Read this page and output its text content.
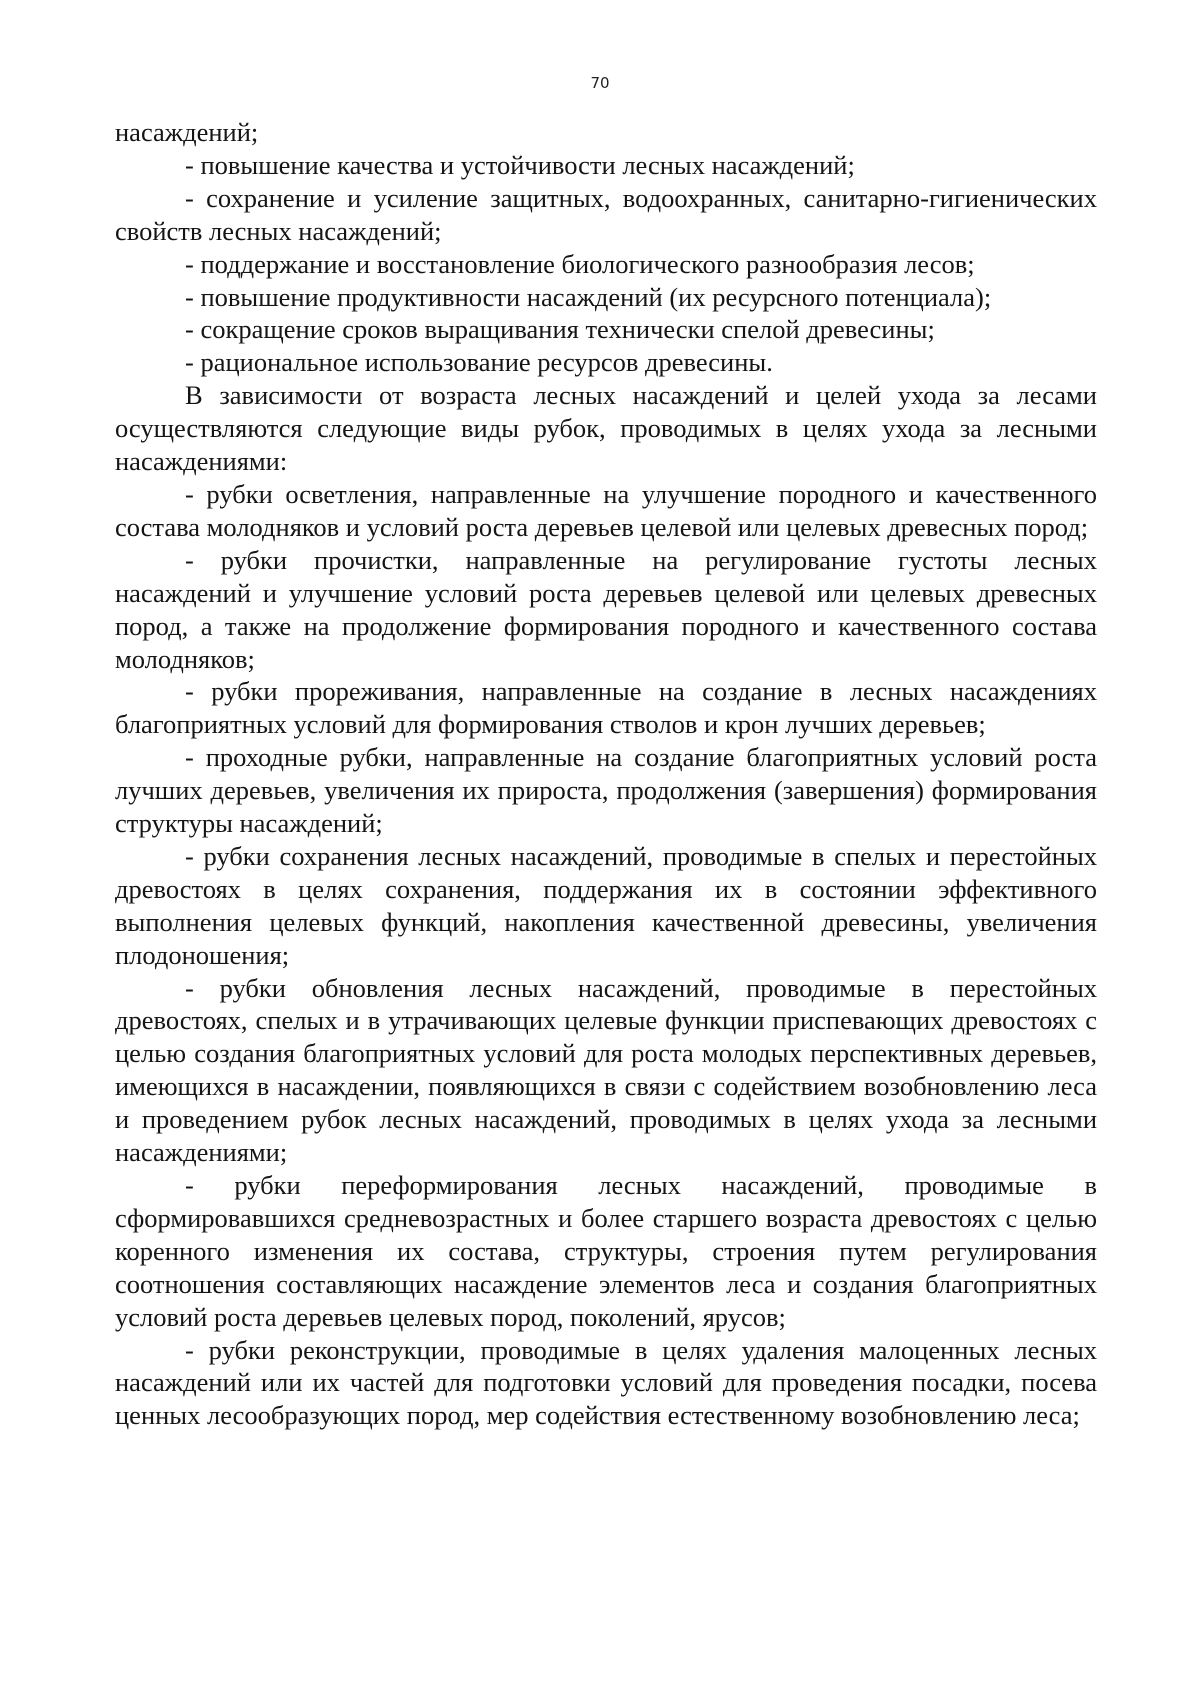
70

насаждений;

- повышение качества и устойчивости лесных насаждений;

- сохранение и усиление защитных, водоохранных, санитарно-гигиенических свойств лесных насаждений;

- поддержание и восстановление биологического разнообразия лесов;

- повышение продуктивности насаждений (их ресурсного потенциала);

- сокращение сроков выращивания технически спелой древесины;

- рациональное использование ресурсов древесины.

В зависимости от возраста лесных насаждений и целей ухода за лесами осуществляются следующие виды рубок, проводимых в целях ухода за лесными насаждениями:

- рубки осветления, направленные на улучшение породного и качественного состава молодняков и условий роста деревьев целевой или целевых древесных пород;

- рубки прочистки, направленные на регулирование густоты лесных насаждений и улучшение условий роста деревьев целевой или целевых древесных пород, а также на продолжение формирования породного и качественного состава молодняков;

- рубки прореживания, направленные на создание в лесных насаждениях благоприятных условий для формирования стволов и крон лучших деревьев;

- проходные рубки, направленные на создание благоприятных условий роста лучших деревьев, увеличения их прироста, продолжения (завершения) формирования структуры насаждений;

- рубки сохранения лесных насаждений, проводимые в спелых и перестойных древостоях в целях сохранения, поддержания их в состоянии эффективного выполнения целевых функций, накопления качественной древесины, увеличения плодоношения;

- рубки обновления лесных насаждений, проводимые в перестойных древостоях, спелых и в утрачивающих целевые функции приспевающих древостоях с целью создания благоприятных условий для роста молодых перспективных деревьев, имеющихся в насаждении, появляющихся в связи с содействием возобновлению леса и проведением рубок лесных насаждений, проводимых в целях ухода за лесными насаждениями;

- рубки переформирования лесных насаждений, проводимые в сформировавшихся средневозрастных и более старшего возраста древостоях с целью коренного изменения их состава, структуры, строения путем регулирования соотношения составляющих насаждение элементов леса и создания благоприятных условий роста деревьев целевых пород, поколений, ярусов;

- рубки реконструкции, проводимые в целях удаления малоценных лесных насаждений или их частей для подготовки условий для проведения посадки, посева ценных лесообразующих пород, мер содействия естественному возобновлению леса;
